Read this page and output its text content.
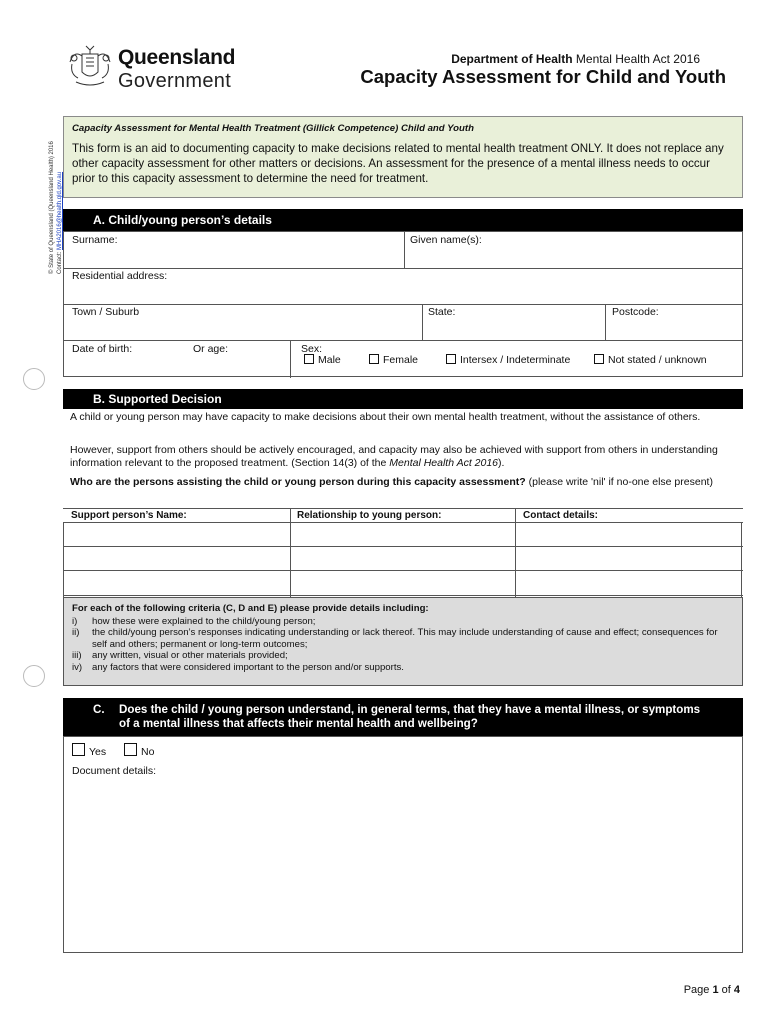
Queensland
Government
Department of Health Mental Health Act 2016
Capacity Assessment for Child and Youth
© State of Queensland (Queensland Health) 2016 Contact: MHA2016@health.qld.gov.au
Capacity Assessment for Mental Health Treatment (Gillick Competence) Child and Youth
This form is an aid to documenting capacity to make decisions related to mental health treatment ONLY. It does not replace any other capacity assessment for other matters or decisions. An assessment for the presence of a mental illness needs to occur prior to this capacity assessment to determine the need for treatment.
A. Child/young person’s details
Surname:	Given name(s):
Residential address:
Town / Suburb	State:	Postcode:
Date of birth:	Or age:	Sex:
Male	Female	Intersex / Indeterminate	Not stated / unknown
B. Supported Decision
A child or young person may have capacity to make decisions about their own mental health treatment, without the assistance of others.
However, support from others should be actively encouraged, and capacity may also be achieved with support from others in understanding information relevant to the proposed treatment. (Section 14(3) of the Mental Health Act 2016).
Who are the persons assisting the child or young person during this capacity assessment? (please write 'nil' if no-one else present)
Support person’s Name:	Relationship to young person:	Contact details:
For each of the following criteria (C, D and E) please provide details including:
i)	how these were explained to the child/young person;
ii)	the child/young person’s responses indicating understanding or lack thereof. This may include understanding of cause and effect; consequences for self and others; permanent or long-term outcomes;
iii)	any written, visual or other materials provided;
iv)	any factors that were considered important to the person and/or supports.
C.	Does the child / young person understand, in general terms, that they have a mental illness, or symptoms of a mental illness that affects their mental health and wellbeing?
Yes	No
Document details:
Page 1 of 4
